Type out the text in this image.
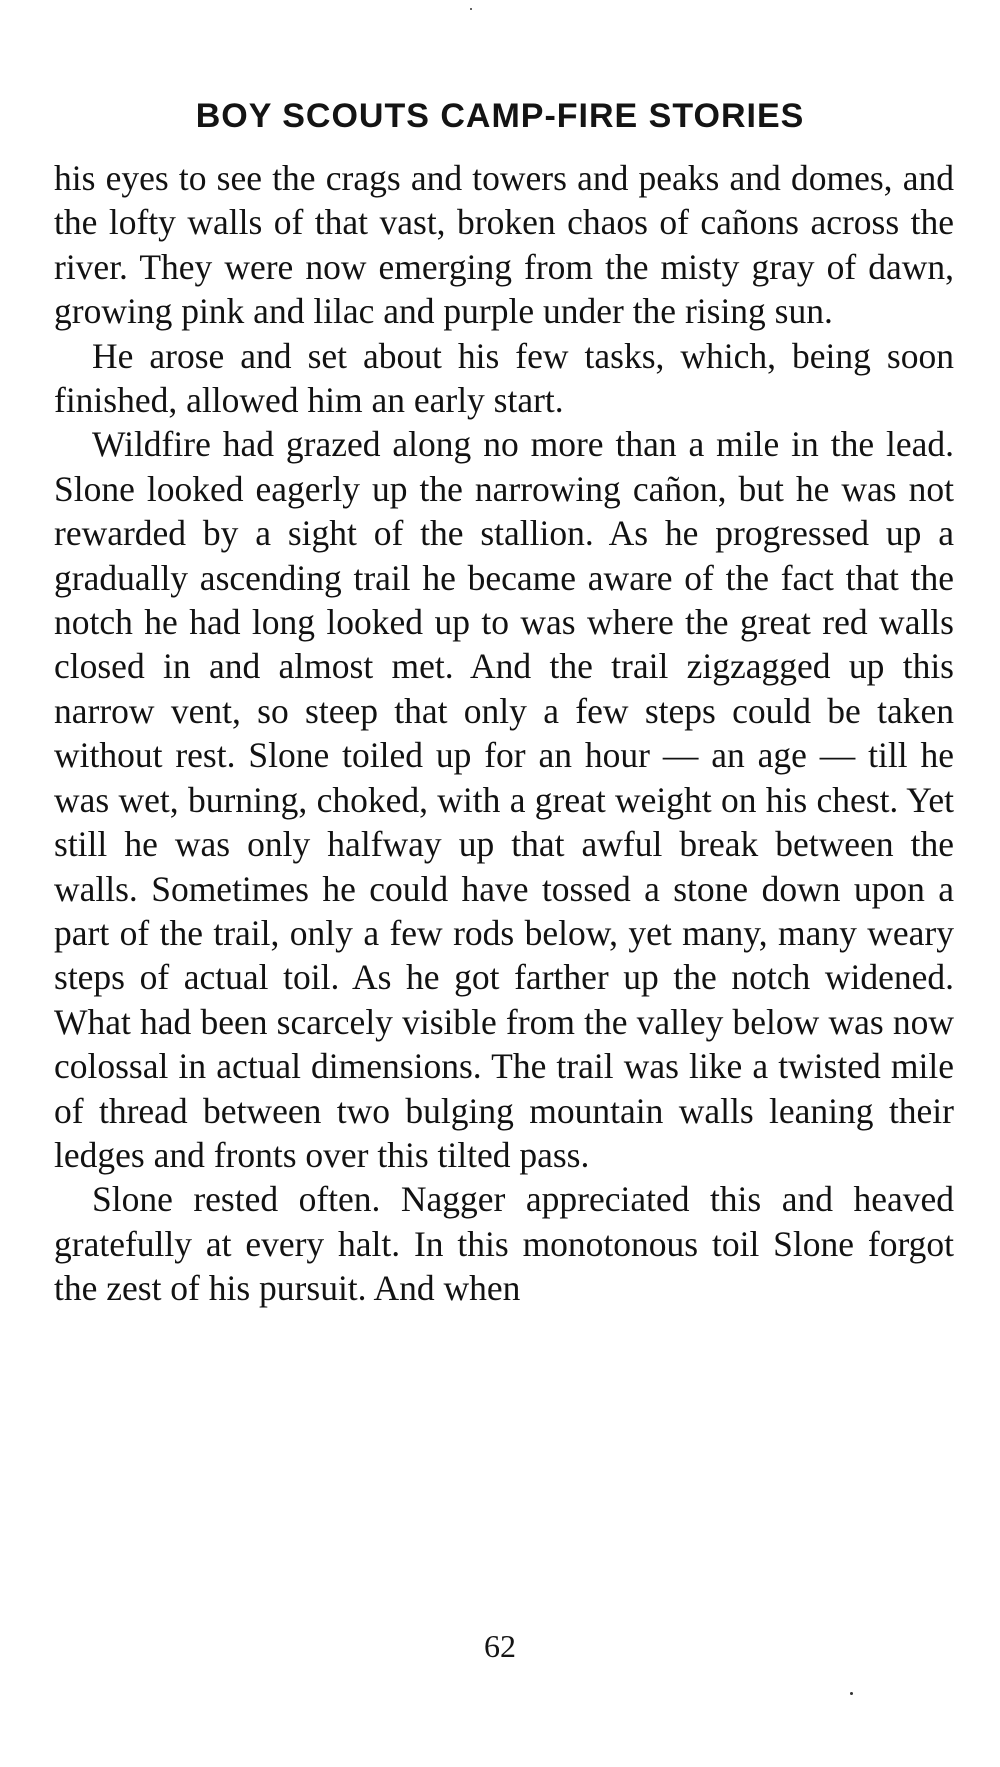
BOY SCOUTS CAMP-FIRE STORIES

his eyes to see the crags and towers and peaks and domes, and the lofty walls of that vast, broken chaos of cañons across the river. They were now emerging from the misty gray of dawn, growing pink and lilac and purple under the rising sun.

He arose and set about his few tasks, which, being soon finished, allowed him an early start.

Wildfire had grazed along no more than a mile in the lead. Slone looked eagerly up the narrowing cañon, but he was not rewarded by a sight of the stallion. As he progressed up a gradually ascending trail he became aware of the fact that the notch he had long looked up to was where the great red walls closed in and almost met. And the trail zigzagged up this narrow vent, so steep that only a few steps could be taken without rest. Slone toiled up for an hour — an age — till he was wet, burning, choked, with a great weight on his chest. Yet still he was only halfway up that awful break between the walls. Sometimes he could have tossed a stone down upon a part of the trail, only a few rods below, yet many, many weary steps of actual toil. As he got farther up the notch widened. What had been scarcely visible from the valley below was now colossal in actual dimensions. The trail was like a twisted mile of thread between two bulging mountain walls leaning their ledges and fronts over this tilted pass.

Slone rested often. Nagger appreciated this and heaved gratefully at every halt. In this monotonous toil Slone forgot the zest of his pursuit. And when

62
